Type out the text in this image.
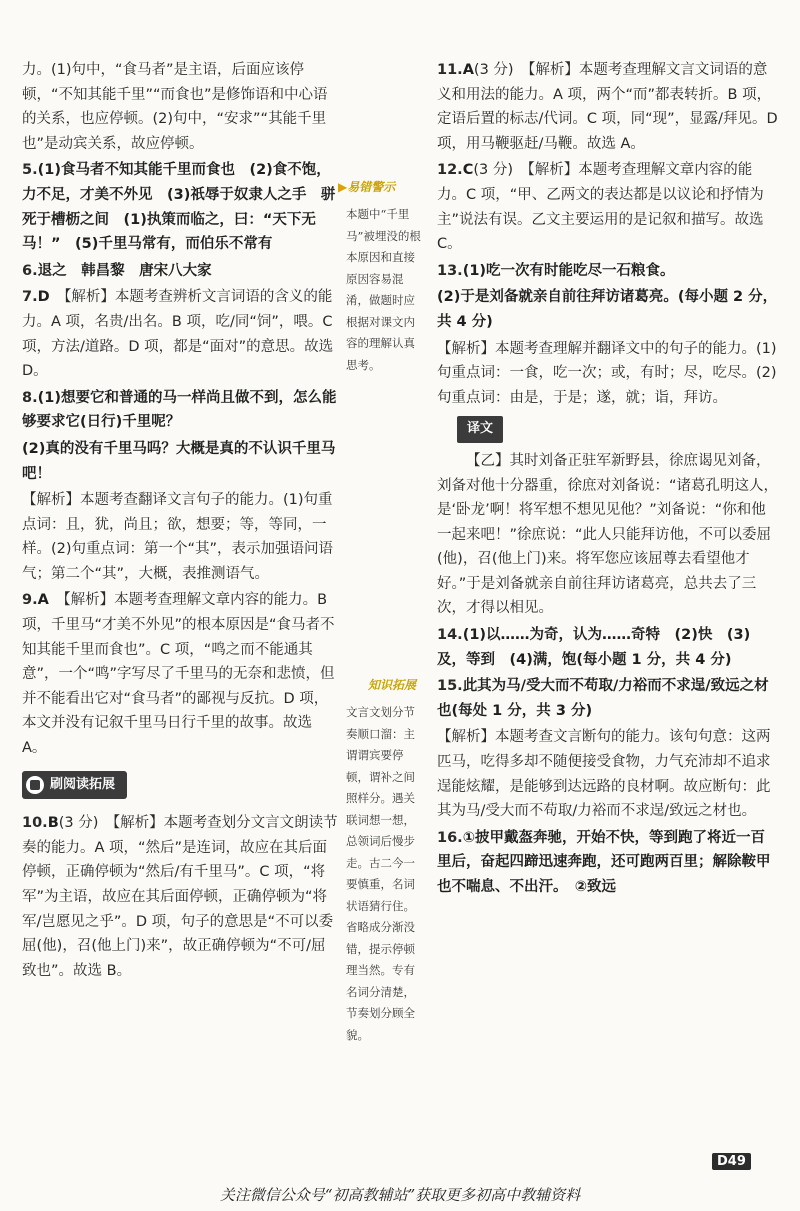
力。(1)句中，“食马者”是主语，后面应该停顿，“不知其能千里”“而食也”是修饰语和中心语的关系，也应停顿。(2)句中，“安求”“其能千里也”是动宾关系，故应停顿。

5.(1)食马者不知其能千里而食也　(2)食不饱，力不足，才美不外见　(3)祇辱于奴隶人之手　骈死于槽枥之间　(1)执策而临之，曰：“天下无马！”　(5)千里马常有，而伯乐不常有

6.退之　韩昌黎　唐宋八大家

7.D　 【解析】本题考查辨析文言词语的含义的能力。A 项，名贵/出名。B 项，吃/同“饲”，喂。C 项，方法/道路。D 项，都是“面对”的意思。故选 D。

8.(1)想要它和普通的马一样尚且做不到，怎么能够要求它(日行)千里呢？

(2)真的没有千里马吗？大概是真的不认识千里马吧！

【解析】本题考查翻译文言句子的能力。(1)句重点词：且，犹，尚且；欲，想要；等，等同，一样。(2)句重点词：第一个“其”，表示加强语问语气；第二个“其”，大概，表推测语气。

9.A　 【解析】本题考查理解文章内容的能力。B 项，千里马“才美不外见”的根本原因是“食马者不知其能千里而食也”。C 项，“鸣之而不能通其意”，一个“鸣”字写尽了千里马的无奈和悲愤，但并不能看出它对“食马者”的鄙视与反抗。D 项，本文并没有记叙千里马日行千里的故事。故选 A。

刷阅读拓展

10.B(3 分)　 【解析】本题考查划分文言文朗读节奏的能力。A 项，“然后”是连词，故应在其后面停顿，正确停顿为“然后/有千里马”。C 项，“将军”为主语，故应在其后面停顿，正确停顿为“将军/岂愿见之乎”。D 项，句子的意思是“不可以委屈(他)，召(他上门)来”，故正确停顿为“不可/屈致也”。故选 B。

▶易错警示
本题中“千里马”被埋没的根本原因和直接原因容易混淆，做题时应根据对课文内容的理解认真思考。
知识拓展
文言文划分节奏顺口溜：主谓谓宾要停顿，谓补之间照样分。遇关联词想一想，总领词后慢步走。古二今一要慎重，名词状语猜行住。省略成分渐没错，提示停顿理当然。专有名词分清楚，节奏划分顾全貌。

11.A(3 分)　 【解析】本题考查理解文言文词语的意义和用法的能力。A 项，两个“而”都表转折。B 项，定语后置的标志/代词。C 项，同“现”，显露/拜见。D 项，用马鞭驱赶/马鞭。故选 A。

12.C(3 分)　 【解析】本题考查理解文章内容的能力。C 项，“甲、乙两文的表达都是以议论和抒情为主”说法有误。乙文主要运用的是记叙和描写。故选 C。

13.(1)吃一次有时能吃尽一石粮食。

(2)于是刘备就亲自前往拜访诸葛亮。(每小题 2 分，共 4 分)

【解析】本题考查理解并翻译文中的句子的能力。(1)句重点词：一食，吃一次；或，有时；尽，吃尽。(2)句重点词：由是，于是；遂，就；诣，拜访。

译文

【乙】其时刘备正驻军新野县，徐庶谒见刘备，刘备对他十分器重，徐庶对刘备说：“诸葛孔明这人，是‘卧龙’啊！将军想不想见见他？”刘备说：“你和他一起来吧！”徐庶说：“此人只能拜访他，不可以委屈(他)，召(他上门)来。将军您应该屈尊去看望他才好。”于是刘备就亲自前往拜访诸葛亮，总共去了三次，才得以相见。

14.(1)以……为奇，认为……奇特　(2)快　(3)及，等到　(4)满，饱(每小题 1 分，共 4 分)

15.此其为马/受大而不苟取/力裕而不求逞/致远之材也(每处 1 分，共 3 分)

【解析】本题考查文言断句的能力。该句句意：这两匹马，吃得多却不随便接受食物，力气充沛却不追求逞能炫耀，是能够到达远路的良材啊。故应断句：此其为马/受大而不苟取/力裕而不求逞/致远之材也。

16.①披甲戴盔奔驰，开始不快，等到跑了将近一百里后，奋起四蹄迅速奔跑，还可跑两百里；解除鞍甲也不喘息、不出汗。　②致远

D49
关注微信公众号“初高教辅站”获取更多初高中教辅资料
